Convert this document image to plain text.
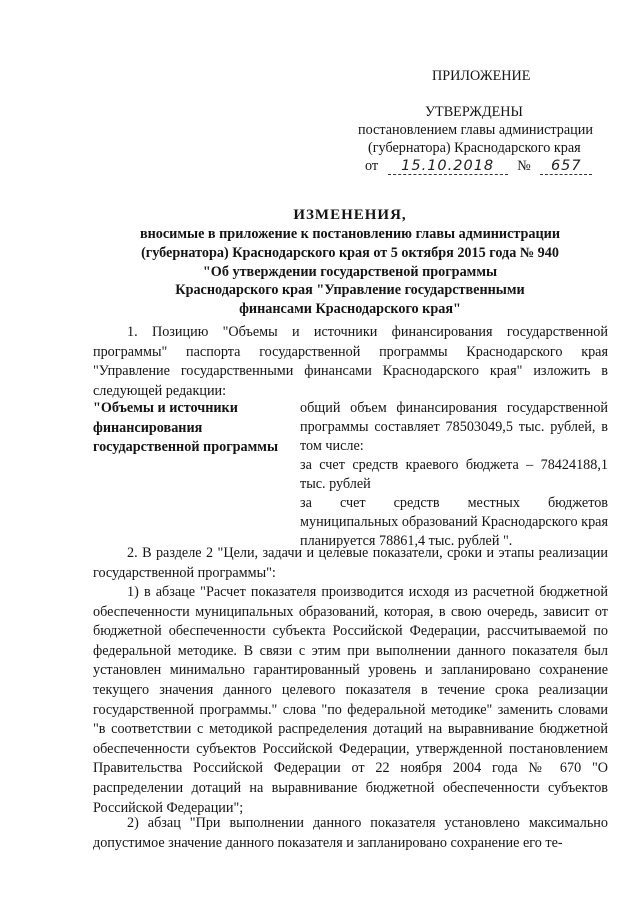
ПРИЛОЖЕНИЕ
УТВЕРЖДЕНЫ
постановлением главы администрации
(губернатора) Краснодарского края
от 15.10.2018 № 657
ИЗМЕНЕНИЯ,
вносимые в приложение к постановлению главы администрации
(губернатора) Краснодарского края от 5 октября 2015 года № 940
"Об утверждении государственой программы
Краснодарского края "Управление государственными
финансами Краснодарского края"
1. Позицию "Объемы и источники финансирования государственной программы" паспорта государственной программы Краснодарского края "Управление государственными финансами Краснодарского края" изложить в следующей редакции:
"Объемы и источники финансирования государственной программы

общий объем финансирования государственной программы составляет 78503049,5 тыс. рублей, в том числе:

за счет средств краевого бюджета – 78424188,1 тыс. рублей

за счет средств местных бюджетов муниципальных образований Краснодарского края планируется 78861,4 тыс. рублей ".

2. В разделе 2 "Цели, задачи и целевые показатели, сроки и этапы реализации государственной программы":
1) в абзаце "Расчет показателя производится исходя из расчетной бюджетной обеспеченности муниципальных образований, которая, в свою очередь, зависит от бюджетной обеспеченности субъекта Российской Федерации, рассчитываемой по федеральной методике. В связи с этим при выполнении данного показателя был установлен минимально гарантированный уровень и запланировано сохранение текущего значения данного целевого показателя в течение срока реализации государственной программы." слова "по федеральной методике" заменить словами "в соответствии с методикой распределения дотаций на выравнивание бюджетной обеспеченности субъектов Российской Федерации, утвержденной постановлением Правительства Российской Федерации от 22 ноября 2004 года № 670 "О распределении дотаций на выравнивание бюджетной обеспеченности субъектов Российской Федерации";
2) абзац "При выполнении данного показателя установлено максимально допустимое значение данного показателя и запланировано сохранение его те-
